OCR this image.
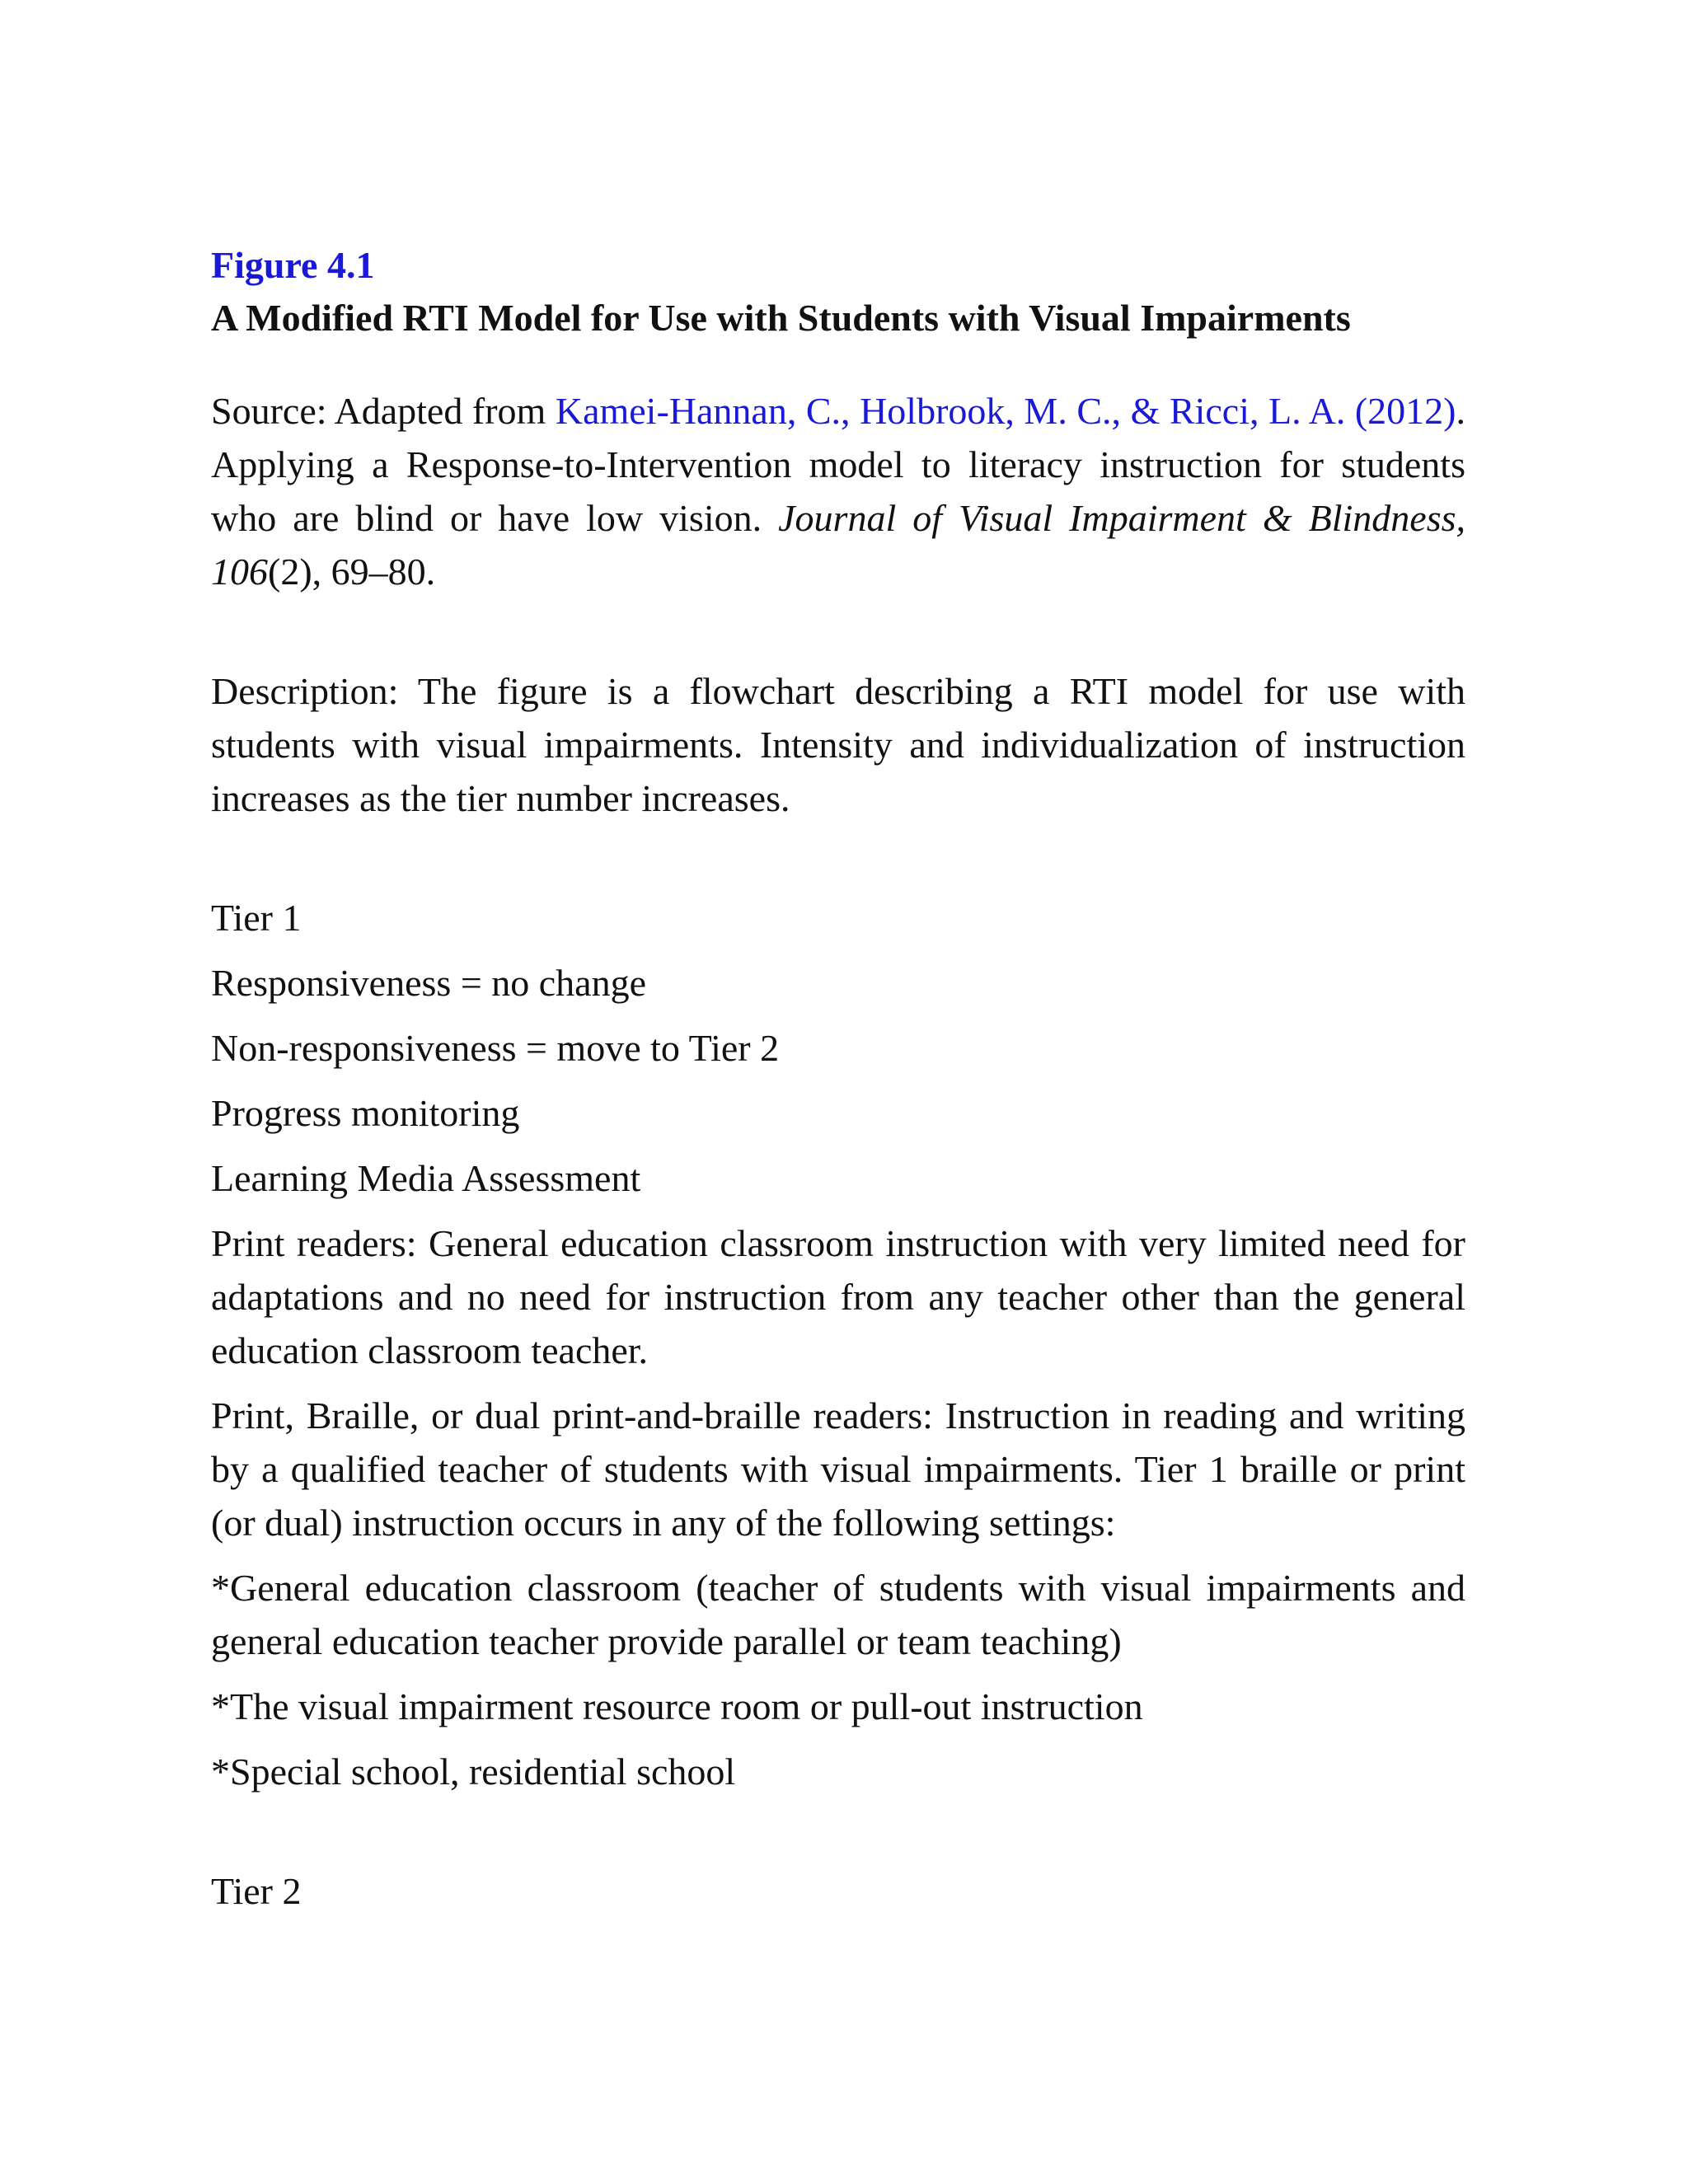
Figure 4.1

A Modified RTI Model for Use with Students with Visual Impairments

Source: Adapted from Kamei-Hannan, C., Holbrook, M. C., & Ricci, L. A. (2012). Applying a Response-to-Intervention model to literacy instruction for students who are blind or have low vision. Journal of Visual Impairment & Blindness, 106(2), 69–80.

Description: The figure is a flowchart describing a RTI model for use with students with visual impairments. Intensity and individualization of instruction increases as the tier number increases.

Tier 1

Responsiveness = no change

Non-responsiveness = move to Tier 2

Progress monitoring

Learning Media Assessment

Print readers: General education classroom instruction with very limited need for adaptations and no need for instruction from any teacher other than the general education classroom teacher.

Print, Braille, or dual print-and-braille readers: Instruction in reading and writing by a qualified teacher of students with visual impairments. Tier 1 braille or print (or dual) instruction occurs in any of the following settings:

*General education classroom (teacher of students with visual impairments and general education teacher provide parallel or team teaching)

*The visual impairment resource room or pull-out instruction

*Special school, residential school

Tier 2
